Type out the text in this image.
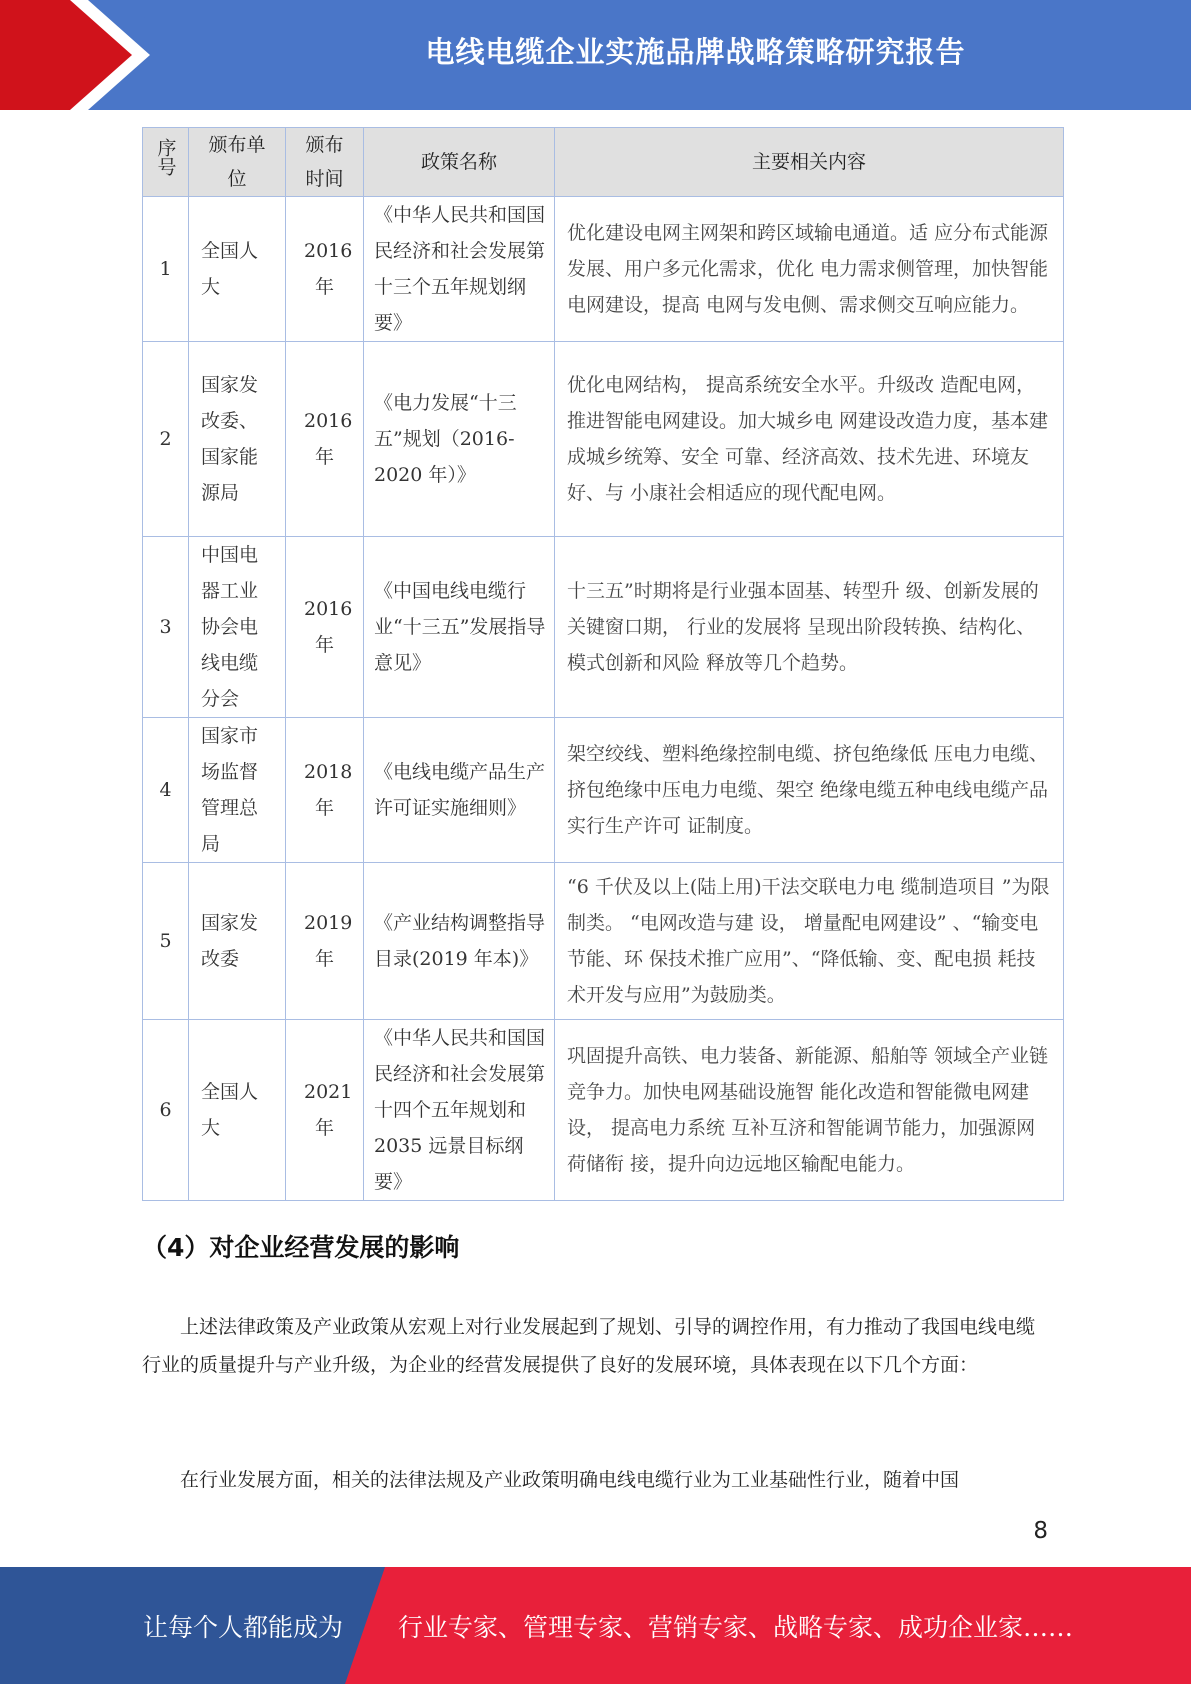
电线电缆企业实施品牌战略策略研究报告
序号	颁布单位	颁布时间	政策名称	主要相关内容
1	全国人大	2016 年	《中华人民共和国国民经济和社会发展第十三个五年规划纲要》	优化建设电网主网架和跨区域输电通道。适 应分布式能源发展、用户多元化需求，优化 电力需求侧管理，加快智能电网建设，提高 电网与发电侧、需求侧交互响应能力。
2	国家发改委、国家能源局	2016 年	《电力发展“十三五”规划（2016-2020 年）》	优化电网结构， 提高系统安全水平。升级改 造配电网， 推进智能电网建设。加大城乡电 网建设改造力度，基本建成城乡统筹、安全 可靠、经济高效、技术先进、环境友好、与 小康社会相适应的现代配电网。
3	中国电器工业协会电线电缆分会	2016 年	《中国电线电缆行业“十三五”发展指导意见》	十三五”时期将是行业强本固基、转型升 级、创新发展的关键窗口期， 行业的发展将 呈现出阶段转换、结构化、模式创新和风险 释放等几个趋势。
4	国家市场监督管理总局	2018 年	《电线电缆产品生产许可证实施细则》	架空绞线、塑料绝缘控制电缆、挤包绝缘低 压电力电缆、挤包绝缘中压电力电缆、架空 绝缘电缆五种电线电缆产品实行生产许可 证制度。
5	国家发改委	2019 年	《产业结构调整指导目录(2019 年本)》	“6 千伏及以上(陆上用)干法交联电力电 缆制造项目 ”为限制类。 “电网改造与建 设， 增量配电网建设” 、“输变电节能、环 保技术推广应用”、“降低输、变、配电损 耗技术开发与应用”为鼓励类。
6	全国人大	2021 年	《中华人民共和国国民经济和社会发展第十四个五年规划和 2035 远景目标纲要》	巩固提升高铁、电力装备、新能源、船舶等 领域全产业链竞争力。加快电网基础设施智 能化改造和智能微电网建设， 提高电力系统 互补互济和智能调节能力，加强源网荷储衔 接，提升向边远地区输配电能力。
（4）对企业经营发展的影响

上述法律政策及产业政策从宏观上对行业发展起到了规划、引导的调控作用，有力推动了我国电线电缆行业的质量提升与产业升级，为企业的经营发展提供了良好的发展环境，具体表现在以下几个方面：

在行业发展方面，相关的法律法规及产业政策明确电线电缆行业为工业基础性行业，随着中国

8
让每个人都能成为 行业专家、管理专家、营销专家、战略专家、成功企业家……
